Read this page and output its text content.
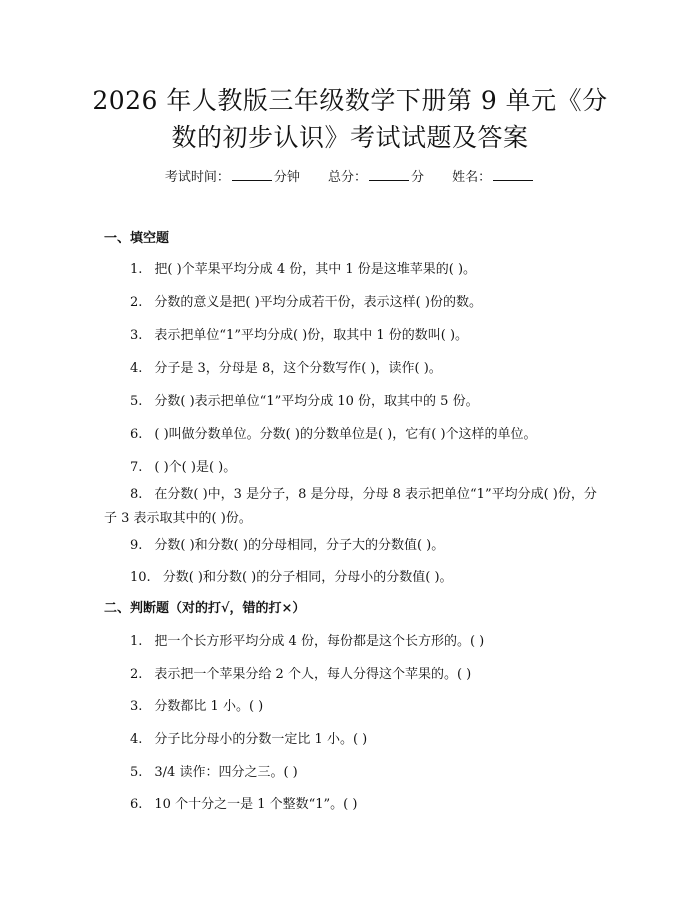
2026 年人教版三年级数学下册第 9 单元《分
数的初步认识》考试试题及答案
考试时间：	分钟 总分：	分 姓名：
一、填空题

1. 把( )个苹果平均分成 4 份，其中 1 份是这堆苹果的( )。

2. 分数的意义是把( )平均分成若干份，表示这样( )份的数。

3. 表示把单位“1”平均分成( )份，取其中 1 份的数叫( )。

4. 分子是 3，分母是 8，这个分数写作( )，读作( )。

5. 分数( )表示把单位“1”平均分成 10 份，取其中的 5 份。

6. ( )叫做分数单位。分数( )的分数单位是( )，它有( )个这样的单位。

7. ( )个( )是( )。

8. 在分数( )中，3 是分子，8 是分母，分母 8 表示把单位“1”平均分成( )份，分子 3 表示取其中的( )份。

9. 分数( )和分数( )的分母相同，分子大的分数值( )。

10. 分数( )和分数( )的分子相同，分母小的分数值( )。

二、判断题（对的打√，错的打×）

1. 把一个长方形平均分成 4 份，每份都是这个长方形的。( )

2. 表示把一个苹果分给 2 个人，每人分得这个苹果的。( )

3. 分数都比 1 小。( )

4. 分子比分母小的分数一定比 1 小。( )

5. 3/4 读作：四分之三。( )

6. 10 个十分之一是 1 个整数“1”。( )
